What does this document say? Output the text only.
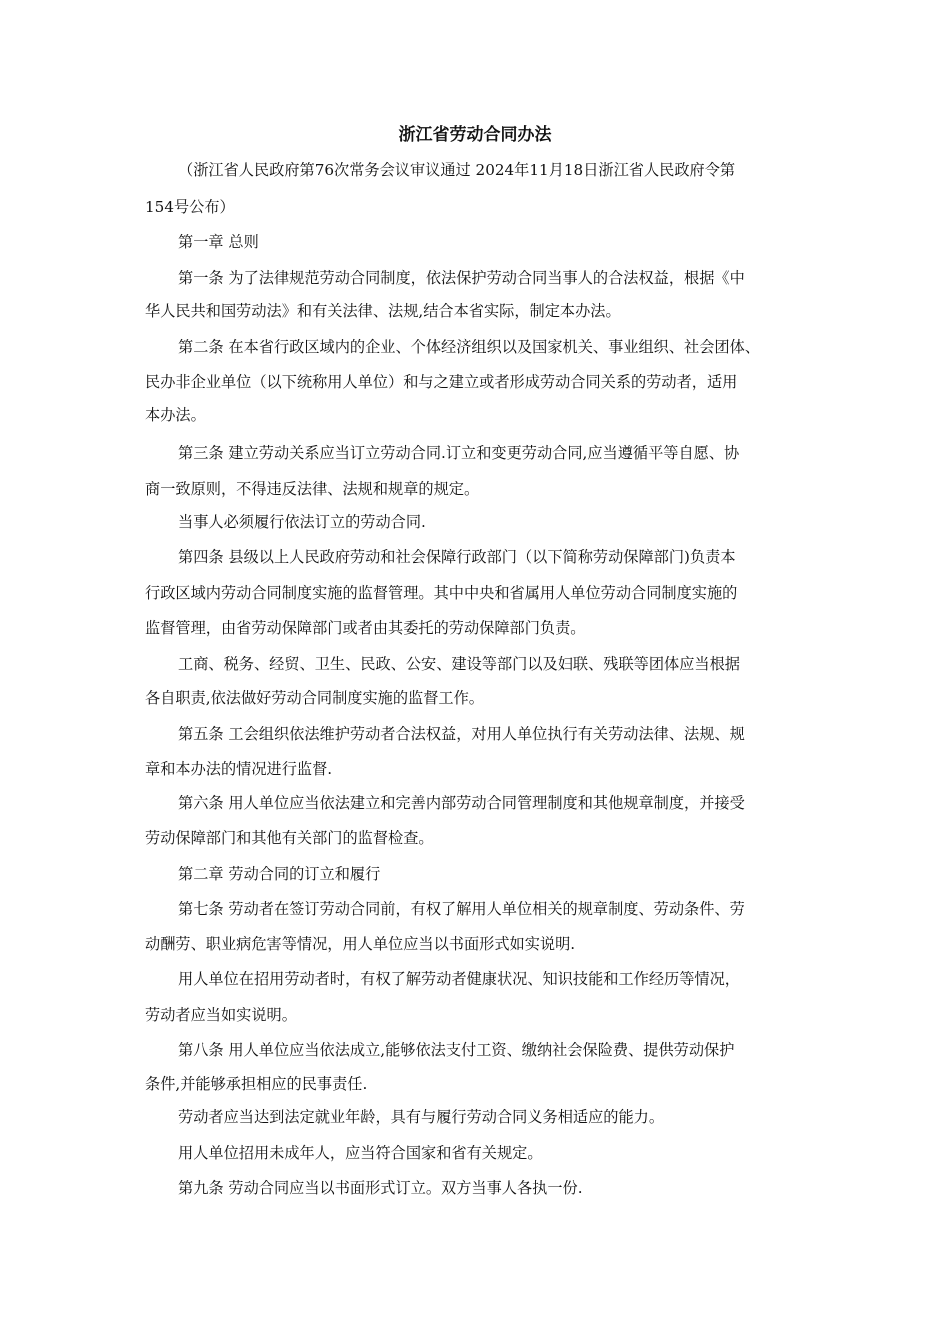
浙江省劳动合同办法

（浙江省人民政府第76次常务会议审议通过 2024年11月18日浙江省人民政府令第

154号公布）

第一章 总则

第一条 为了法律规范劳动合同制度，依法保护劳动合同当事人的合法权益，根据《中

华人民共和国劳动法》和有关法律、法规,结合本省实际，制定本办法。

第二条 在本省行政区域内的企业、个体经济组织以及国家机关、事业组织、社会团体、

民办非企业单位（以下统称用人单位）和与之建立或者形成劳动合同关系的劳动者，适用

本办法。

第三条 建立劳动关系应当订立劳动合同.订立和变更劳动合同,应当遵循平等自愿、协

商一致原则，不得违反法律、法规和规章的规定。

当事人必须履行依法订立的劳动合同.

第四条 县级以上人民政府劳动和社会保障行政部门（以下简称劳动保障部门)负责本

行政区域内劳动合同制度实施的监督管理。其中中央和省属用人单位劳动合同制度实施的

监督管理，由省劳动保障部门或者由其委托的劳动保障部门负责。

工商、税务、经贸、卫生、民政、公安、建设等部门以及妇联、残联等团体应当根据

各自职责,依法做好劳动合同制度实施的监督工作。

第五条 工会组织依法维护劳动者合法权益，对用人单位执行有关劳动法律、法规、规

章和本办法的情况进行监督.

第六条 用人单位应当依法建立和完善内部劳动合同管理制度和其他规章制度，并接受

劳动保障部门和其他有关部门的监督检查。

第二章 劳动合同的订立和履行

第七条 劳动者在签订劳动合同前，有权了解用人单位相关的规章制度、劳动条件、劳

动酬劳、职业病危害等情况，用人单位应当以书面形式如实说明.

用人单位在招用劳动者时，有权了解劳动者健康状况、知识技能和工作经历等情况，

劳动者应当如实说明。

第八条 用人单位应当依法成立,能够依法支付工资、缴纳社会保险费、提供劳动保护

条件,并能够承担相应的民事责任.

劳动者应当达到法定就业年龄，具有与履行劳动合同义务相适应的能力。

用人单位招用未成年人，应当符合国家和省有关规定。

第九条 劳动合同应当以书面形式订立。双方当事人各执一份.
